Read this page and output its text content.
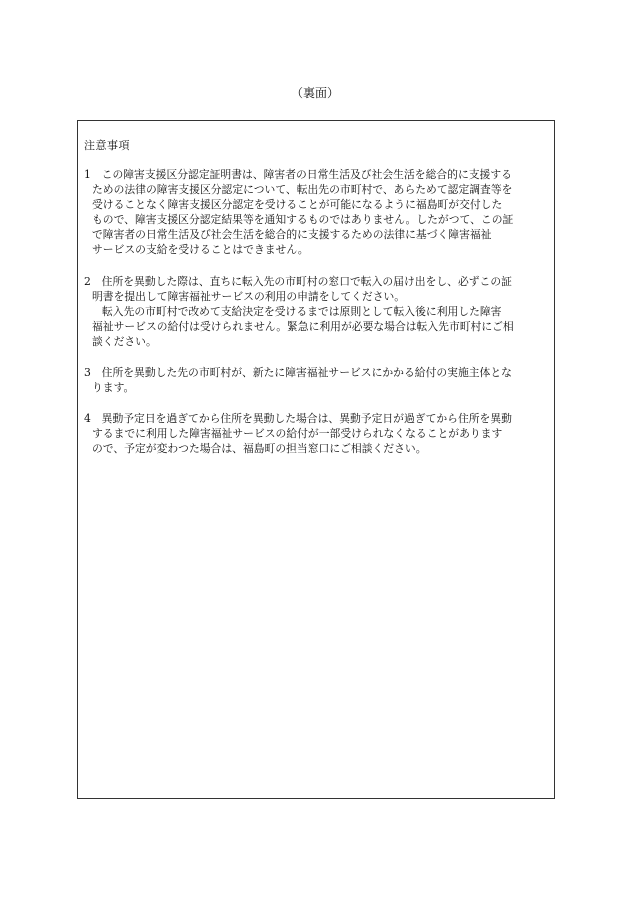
（裏面）
注意事項
1　この障害支援区分認定証明書は、障害者の日常生活及び社会生活を総合的に支援する
ための法律の障害支援区分認定について、転出先の市町村で、あらためて認定調査等を
受けることなく障害支援区分認定を受けることが可能になるように福島町が交付した
もので、障害支援区分認定結果等を通知するものではありません。したがつて、この証
で障害者の日常生活及び社会生活を総合的に支援するための法律に基づく障害福祉
サービスの支給を受けることはできません。
2　住所を異動した際は、直ちに転入先の市町村の窓口で転入の届け出をし、必ずこの証
明書を提出して障害福祉サービスの利用の申請をしてください。
転入先の市町村で改めて支給決定を受けるまでは原則として転入後に利用した障害
福祉サービスの給付は受けられません。緊急に利用が必要な場合は転入先市町村にご相
談ください。
3　住所を異動した先の市町村が、新たに障害福祉サービスにかかる給付の実施主体とな
ります。
4　異動予定日を過ぎてから住所を異動した場合は、異動予定日が過ぎてから住所を異動
するまでに利用した障害福祉サービスの給付が一部受けられなくなることがあります
ので、予定が変わつた場合は、福島町の担当窓口にご相談ください。
